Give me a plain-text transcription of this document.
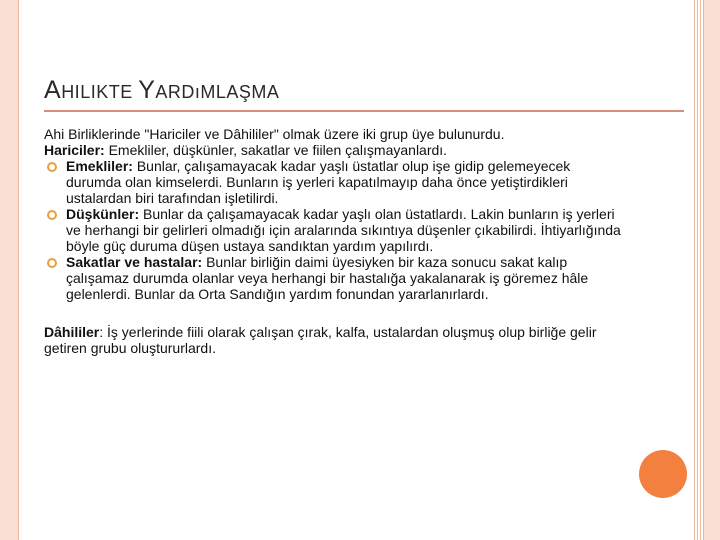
AHILIKTE YARDıMLAŞMA

Ahi Birliklerinde "Hariciler ve Dâhililer" olmak üzere iki grup üye bulunurdu.

Hariciler: Emekliler, düşkünler, sakatlar ve fiilen çalışmayanlardı.

Emekliler: Bunlar, çalışamayacak kadar yaşlı üstatlar olup işe gidip gelemeyecek durumda olan kimselerdi. Bunların iş yerleri kapatılmayıp daha önce yetiştirdikleri ustalardan biri tarafından işletilirdi.
Düşkünler: Bunlar da çalışamayacak kadar yaşlı olan üstatlardı. Lakin bunların iş yerleri ve herhangi bir gelirleri olmadığı için aralarında sıkıntıya düşenler çıkabilirdi. İhtiyarlığında böyle güç duruma düşen ustaya sandıktan yardım yapılırdı.
Sakatlar ve hastalar: Bunlar birliğin daimi üyesiyken bir kaza sonucu sakat kalıp çalışamaz durumda olanlar veya herhangi bir hastalığa yakalanarak iş göremez hâle gelenlerdi. Bunlar da Orta Sandığın yardım fonundan yararlanırlardı.

Dâhililer: İş yerlerinde fiili olarak çalışan çırak, kalfa, ustalardan oluşmuş olup birliğe gelir getiren grubu oluştururlardı.
